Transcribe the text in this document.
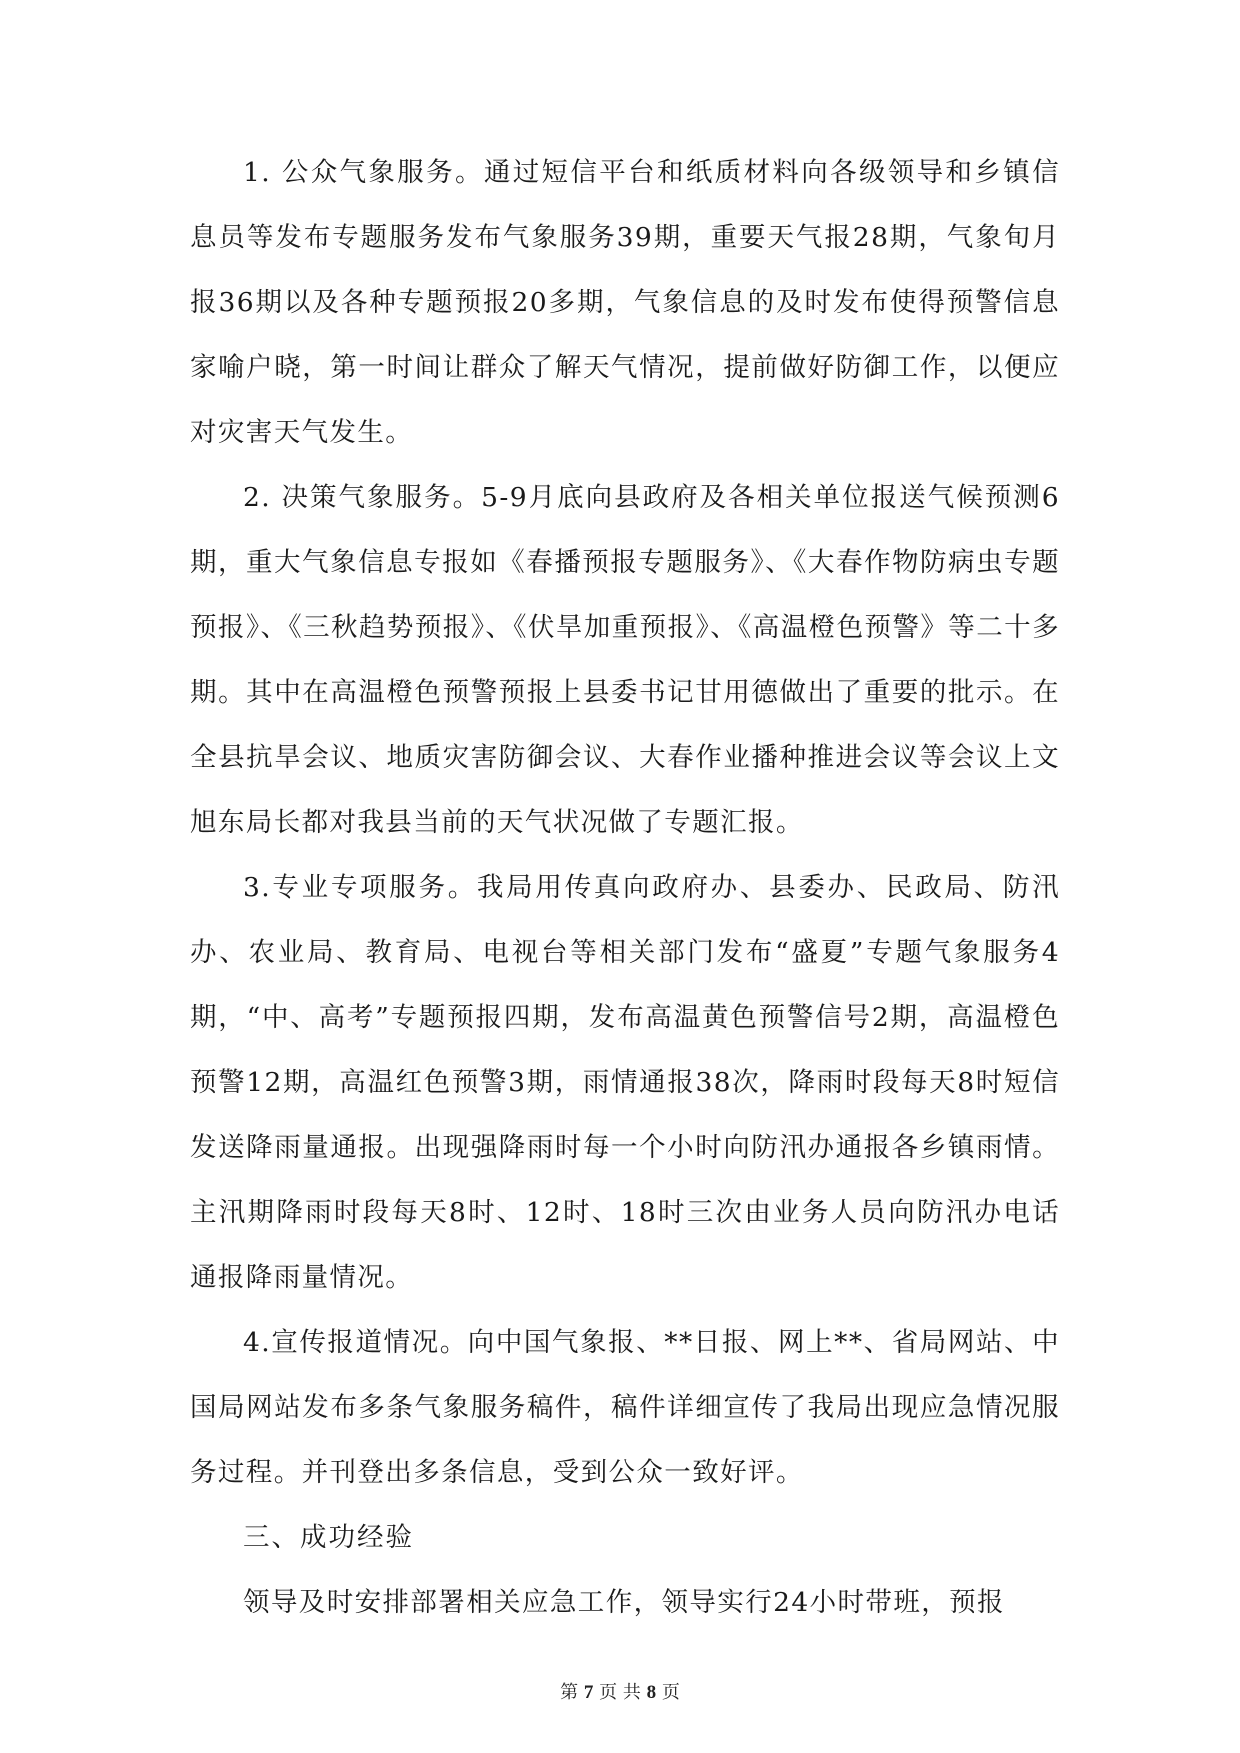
1. 公众气象服务。通过短信平台和纸质材料向各级领导和乡镇信息员等发布专题服务发布气象服务39期，重要天气报28期，气象旬月报36期以及各种专题预报20多期，气象信息的及时发布使得预警信息家喻户晓，第一时间让群众了解天气情况，提前做好防御工作，以便应对灾害天气发生。

2. 决策气象服务。5-9月底向县政府及各相关单位报送气候预测6期，重大气象信息专报如《春播预报专题服务》、《大春作物防病虫专题预报》、《三秋趋势预报》、《伏旱加重预报》、《高温橙色预警》等二十多期。其中在高温橙色预警预报上县委书记甘用德做出了重要的批示。在全县抗旱会议、地质灾害防御会议、大春作业播种推进会议等会议上文旭东局长都对我县当前的天气状况做了专题汇报。

3.专业专项服务。我局用传真向政府办、县委办、民政局、防汛办、农业局、教育局、电视台等相关部门发布“盛夏”专题气象服务4期，“中、高考”专题预报四期，发布高温黄色预警信号2期，高温橙色预警12期，高温红色预警3期，雨情通报38次，降雨时段每天8时短信发送降雨量通报。出现强降雨时每一个小时向防汛办通报各乡镇雨情。主汛期降雨时段每天8时、12时、18时三次由业务人员向防汛办电话通报降雨量情况。

4.宣传报道情况。向中国气象报、**日报、网上**、省局网站、中国局网站发布多条气象服务稿件，稿件详细宣传了我局出现应急情况服务过程。并刊登出多条信息，受到公众一致好评。

三、成功经验

领导及时安排部署相关应急工作，领导实行24小时带班，预报

第 7 页 共 8 页
